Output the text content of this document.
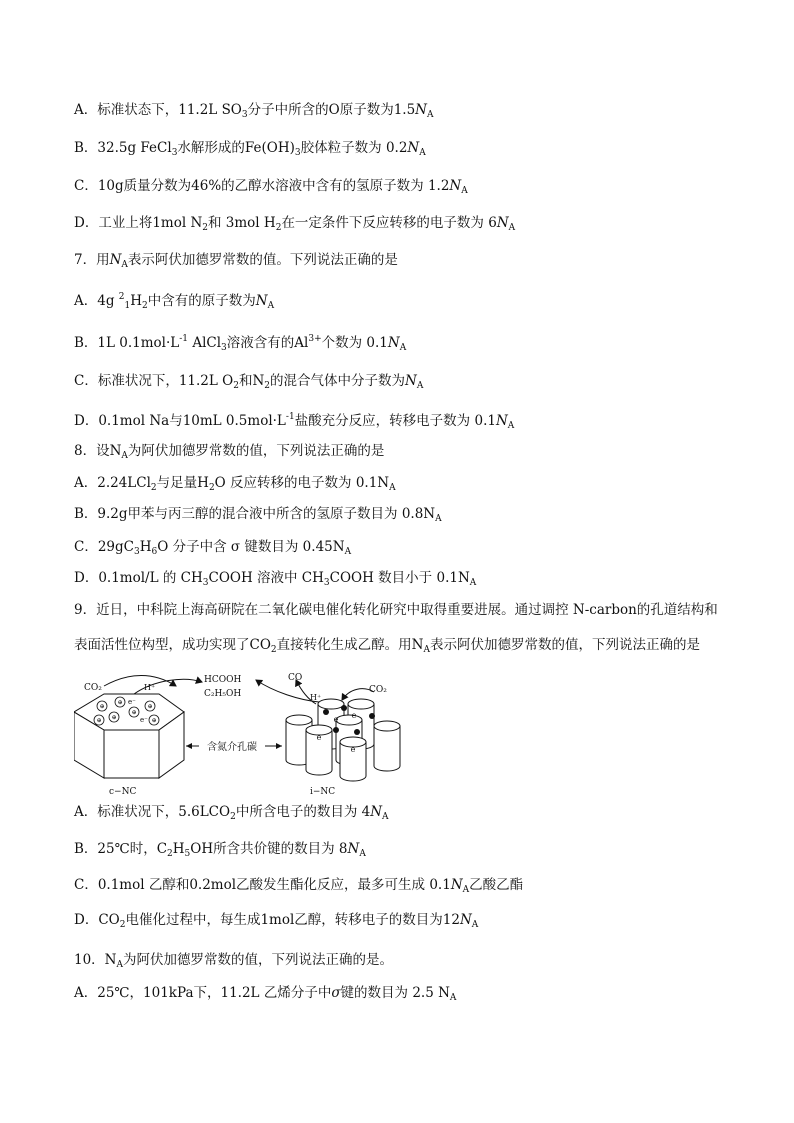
A．标准状态下，11.2L $SO_3$分子中所含的O原子数为$1.5N_A$
B．32.5g FeCl$_3$水解形成的$Fe(OH)_3$胶体粒子数为 $0.2N_A$
C．10g质量分数为46%的乙醇水溶液中含有的氢原子数为 $1.2N_A$
D．工业上将1mol $N_2$和 3mol $H_2$在一定条件下反应转移的电子数为 $6N_A$
7．用$N_A$表示阿伏加德罗常数的值。下列说法正确的是
A．4g $^2_1H_2$中含有的原子数为$N_A$
B．1L $0.1mol\cdot L^{-1}$ AlCl$_3$溶液含有的$Al^{3+}$个数为 $0.1N_A$
C．标准状况下，11.2L $O_2$和$N_2$的混合气体中分子数为$N_A$
D．0.1mol Na与10mL $0.5mol\cdot L^{-1}$盐酸充分反应，转移电子数为 $0.1N_A$
8．设$N_A$为阿伏加德罗常数的值，下列说法正确的是
A．2.24LCl$_2$与足量$H_2O$ 反应转移的电子数为 $0.1N_A$
B．9.2g甲苯与丙三醇的混合液中所含的氢原子数目为 $0.8N_A$
C．$29gC_3H_6O$ 分子中含 σ 键数目为 $0.45N_A$
D．0.1mol/L 的 $CH_3COOH$ 溶液中 $CH_3COOH$ 数目小于 $0.1N_A$
9．近日，中科院上海高研院在二氧化碳电催化转化研究中取得重要进展。通过调控 N-carbon的孔道结构和
表面活性位构型，成功实现了$CO_2$直接转化生成乙醇。用$N_A$表示阿伏加德罗常数的值，下列说法正确的是
A．标准状况下，$5.6LCO_2$中所含电子的数目为 $4N_A$
B．25℃时，$C_2H_5OH$所含共价键的数目为 $8N_A$
C．0.1mol 乙醇和0.2mol乙酸发生酯化反应，最多可生成 $0.1N_A$乙酸乙酯
D．$CO_2$电催化过程中，每生成1mol乙醇，转移电子的数目为$12N_A$
10．$N_A$为阿伏加德罗常数的值，下列说法正确的是。
A．25℃，101kPa下，11.2L 乙烯分子中σ键的数目为 2.5 $N_A$
⊕
⊕
⊕
⊕
⊕
⊕	⊕
e⁻
e⁻
CO₂	H⁺
HCOOH
C₂H₅OH
CO
H⁺
CO₂
e e
e
e
含氮介孔碳
c−NC	i−NC
